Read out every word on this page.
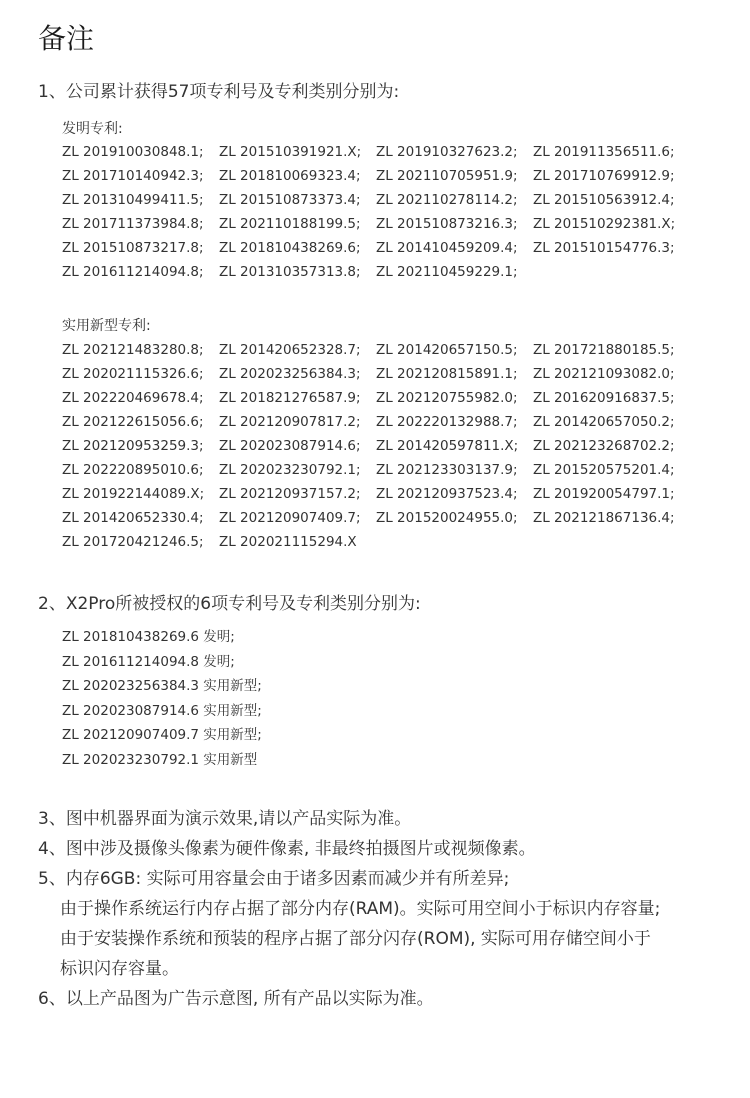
备注
1、公司累计获得57项专利号及专利类别分别为:
发明专利:
ZL 201910030848.1;	ZL 201510391921.X;	ZL 201910327623.2;	ZL 201911356511.6;
ZL 201710140942.3;	ZL 201810069323.4;	ZL 202110705951.9;	ZL 201710769912.9;
ZL 201310499411.5;	ZL 201510873373.4;	ZL 202110278114.2;	ZL 201510563912.4;
ZL 201711373984.8;	ZL 202110188199.5;	ZL 201510873216.3;	ZL 201510292381.X;
ZL 201510873217.8;	ZL 201810438269.6;	ZL 201410459209.4;	ZL 201510154776.3;
ZL 201611214094.8;	ZL 201310357313.8;	ZL 202110459229.1;
实用新型专利:
ZL 202121483280.8;	ZL 201420652328.7;	ZL 201420657150.5;	ZL 201721880185.5;
ZL 202021115326.6;	ZL 202023256384.3;	ZL 202120815891.1;	ZL 202121093082.0;
ZL 202220469678.4;	ZL 201821276587.9;	ZL 202120755982.0;	ZL 201620916837.5;
ZL 202122615056.6;	ZL 202120907817.2;	ZL 202220132988.7;	ZL 201420657050.2;
ZL 202120953259.3;	ZL 202023087914.6;	ZL 201420597811.X;	ZL 202123268702.2;
ZL 202220895010.6;	ZL 202023230792.1;	ZL 202123303137.9;	ZL 201520575201.4;
ZL 201922144089.X;	ZL 202120937157.2;	ZL 202120937523.4;	ZL 201920054797.1;
ZL 201420652330.4;	ZL 202120907409.7;	ZL 201520024955.0;	ZL 202121867136.4;
ZL 201720421246.5;	ZL 202021115294.X
2、X2Pro所被授权的6项专利号及专利类别分别为:
ZL 201810438269.6 发明;
ZL 201611214094.8 发明;
ZL 202023256384.3 实用新型;
ZL 202023087914.6 实用新型;
ZL 202120907409.7 实用新型;
ZL 202023230792.1 实用新型
3、图中机器界面为演示效果,请以产品实际为准。
4、图中涉及摄像头像素为硬件像素, 非最终拍摄图片或视频像素。
5、内存6GB: 实际可用容量会由于诸多因素而减少并有所差异;
由于操作系统运行内存占据了部分内存(RAM)。实际可用空间小于标识内存容量;
由于安装操作系统和预装的程序占据了部分闪存(ROM), 实际可用存储空间小于
标识闪存容量。
6、以上产品图为广告示意图, 所有产品以实际为准。
